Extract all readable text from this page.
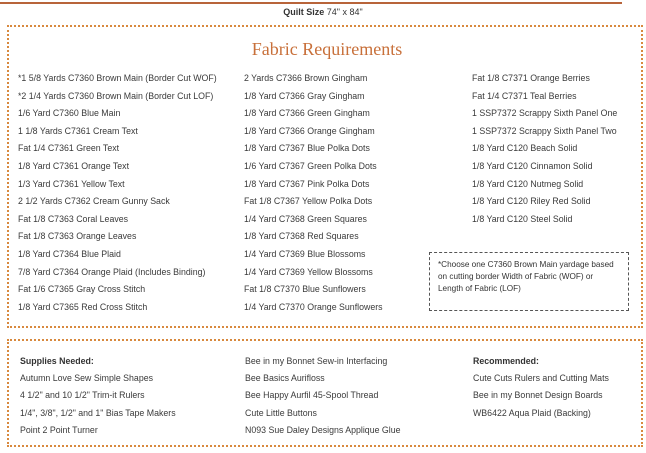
Quilt Size 74" x 84"
Fabric Requirements
*1 5/8 Yards C7360 Brown Main (Border Cut WOF)
*2 1/4 Yards C7360 Brown Main (Border Cut LOF)
1/6 Yard C7360 Blue Main
1 1/8 Yards C7361 Cream Text
Fat 1/4 C7361 Green Text
1/8 Yard C7361 Orange Text
1/3 Yard C7361 Yellow Text
2 1/2 Yards C7362 Cream Gunny Sack
Fat 1/8 C7363 Coral Leaves
Fat 1/8 C7363 Orange Leaves
1/8 Yard C7364 Blue Plaid
7/8 Yard C7364 Orange Plaid (Includes Binding)
Fat 1/6 C7365 Gray Cross Stitch
1/8 Yard C7365 Red Cross Stitch
2 Yards C7366 Brown Gingham
1/8 Yard C7366 Gray Gingham
1/8 Yard C7366 Green Gingham
1/8 Yard C7366 Orange Gingham
1/8 Yard C7367 Blue Polka Dots
1/6 Yard C7367 Green Polka Dots
1/8 Yard C7367 Pink Polka Dots
Fat 1/8 C7367 Yellow Polka Dots
1/4 Yard C7368 Green Squares
1/8 Yard C7368 Red Squares
1/4 Yard C7369 Blue Blossoms
1/4 Yard C7369 Yellow Blossoms
Fat 1/8 C7370 Blue Sunflowers
1/4 Yard C7370 Orange Sunflowers
Fat 1/8 C7371 Orange Berries
Fat 1/4 C7371 Teal Berries
1 SSP7372 Scrappy Sixth Panel One
1 SSP7372 Scrappy Sixth Panel Two
1/8 Yard C120 Beach Solid
1/8 Yard C120 Cinnamon Solid
1/8 Yard C120 Nutmeg Solid
1/8 Yard C120 Riley Red Solid
1/8 Yard C120 Steel Solid
*Choose one C7360 Brown Main yardage based on cutting border Width of Fabric (WOF) or Length of Fabric (LOF)
Supplies Needed:
Autumn Love Sew Simple Shapes
4 1/2" and 10 1/2" Trim-it Rulers
1/4", 3/8", 1/2" and 1" Bias Tape Makers
Point 2 Point Turner
Bee in my Bonnet Sew-in Interfacing
Bee Basics Aurifloss
Bee Happy Aurfil 45-Spool Thread
Cute Little Buttons
N093 Sue Daley Designs Applique Glue
Recommended:
Cute Cuts Rulers and Cutting Mats
Bee in my Bonnet Design Boards
WB6422 Aqua Plaid (Backing)
